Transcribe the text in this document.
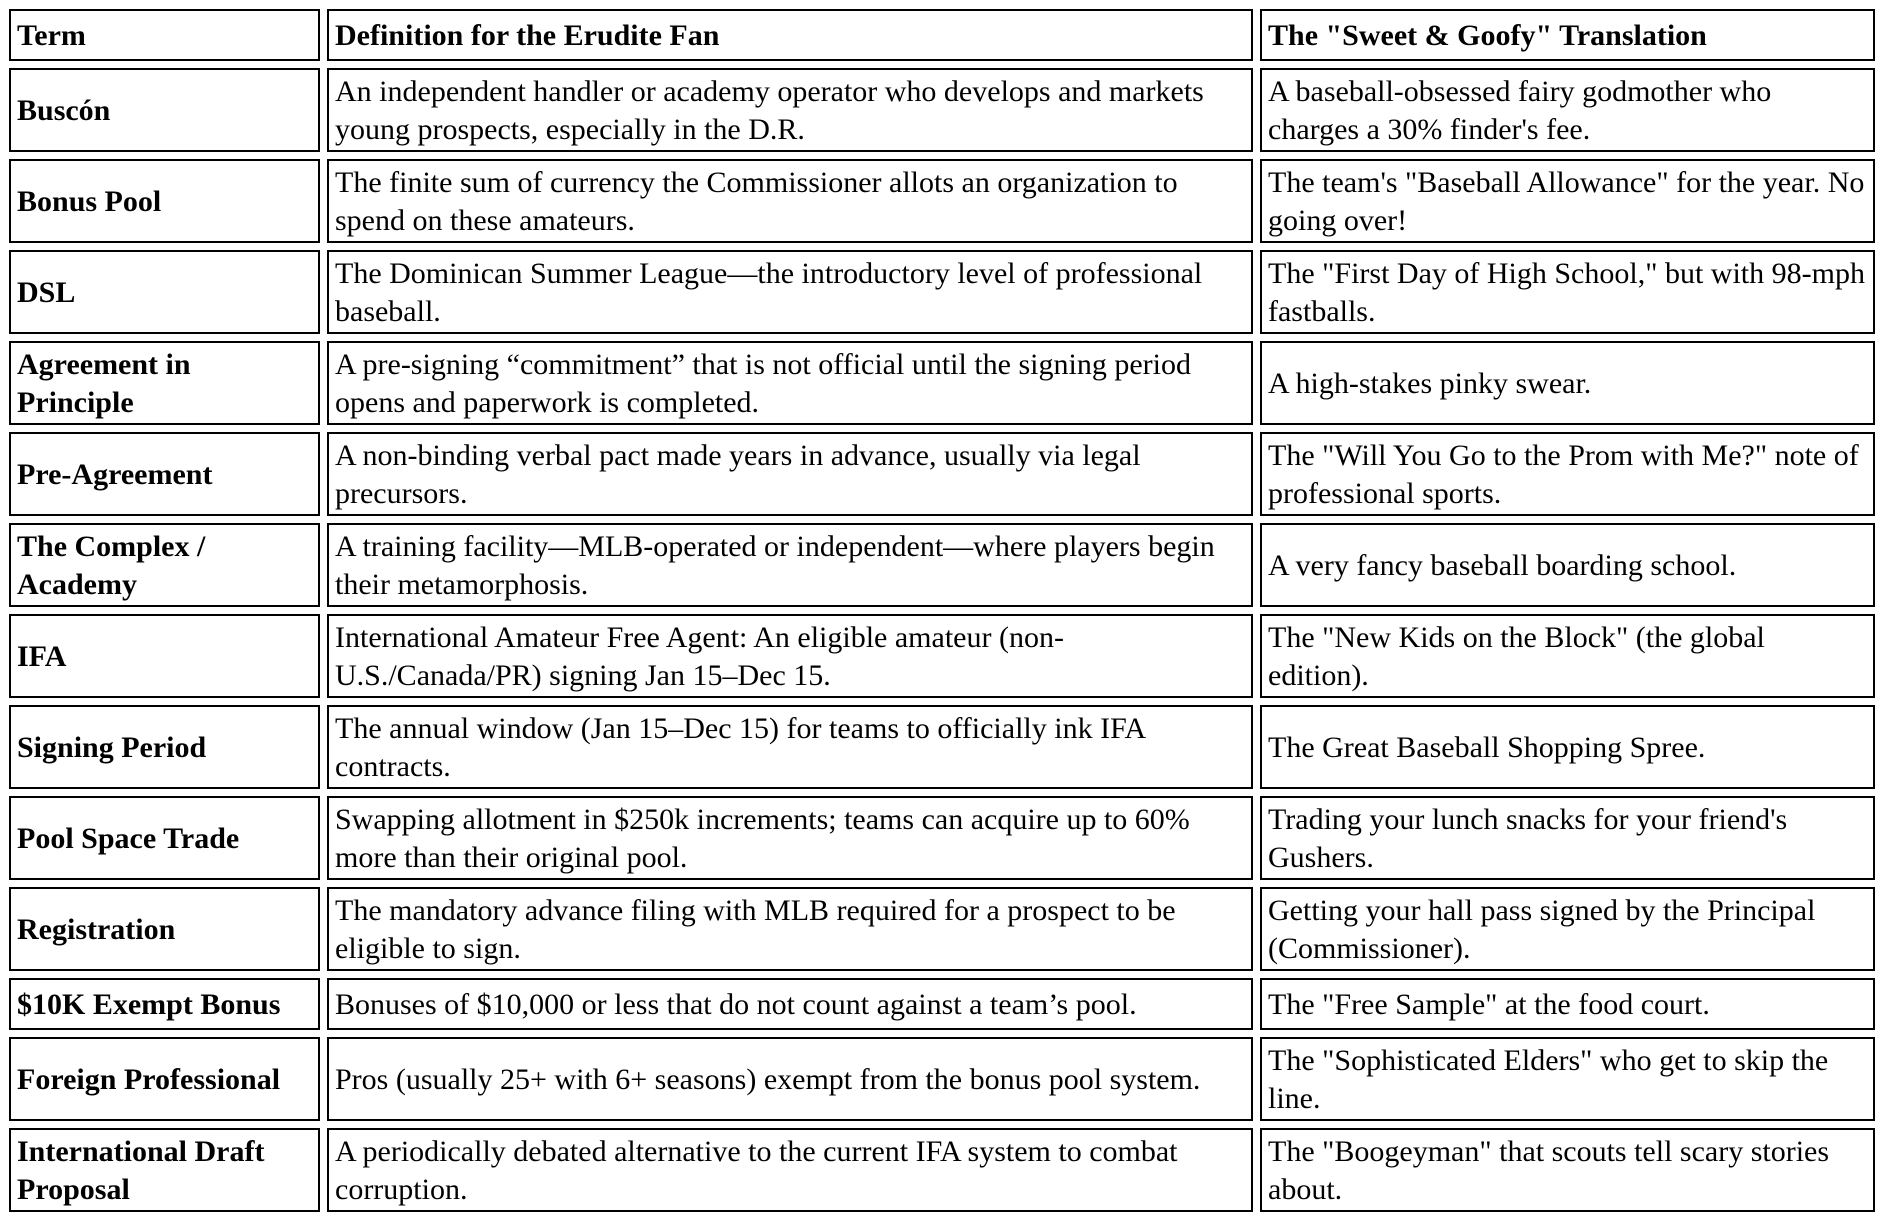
Term	Definition for the Erudite Fan	The "Sweet & Goofy" Translation
Buscón	An independent handler or academy operator who develops and markets young prospects, especially in the D.R.	A baseball-obsessed fairy godmother who charges a 30% finder's fee.
Bonus Pool	The finite sum of currency the Commissioner allots an organization to spend on these amateurs.	The team's "Baseball Allowance" for the year. No going over!
DSL	The Dominican Summer League—the introductory level of professional baseball.	The "First Day of High School," but with 98-mph fastballs.
Agreement in Principle	A pre-signing “commitment” that is not official until the signing period opens and paperwork is completed.	A high-stakes pinky swear.
Pre-Agreement	A non-binding verbal pact made years in advance, usually via legal precursors.	The "Will You Go to the Prom with Me?" note of professional sports.
The Complex / Academy	A training facility—MLB-operated or independent—where players begin their metamorphosis.	A very fancy baseball boarding school.
IFA	International Amateur Free Agent: An eligible amateur (non-U.S./Canada/PR) signing Jan 15–Dec 15.	The "New Kids on the Block" (the global edition).
Signing Period	The annual window (Jan 15–Dec 15) for teams to officially ink IFA contracts.	The Great Baseball Shopping Spree.
Pool Space Trade	Swapping allotment in $250k increments; teams can acquire up to 60% more than their original pool.	Trading your lunch snacks for your friend's Gushers.
Registration	The mandatory advance filing with MLB required for a prospect to be eligible to sign.	Getting your hall pass signed by the Principal (Commissioner).
$10K Exempt Bonus	Bonuses of $10,000 or less that do not count against a team’s pool.	The "Free Sample" at the food court.
Foreign Professional	Pros (usually 25+ with 6+ seasons) exempt from the bonus pool system.	The "Sophisticated Elders" who get to skip the line.
International Draft Proposal	A periodically debated alternative to the current IFA system to combat corruption.	The "Boogeyman" that scouts tell scary stories about.
